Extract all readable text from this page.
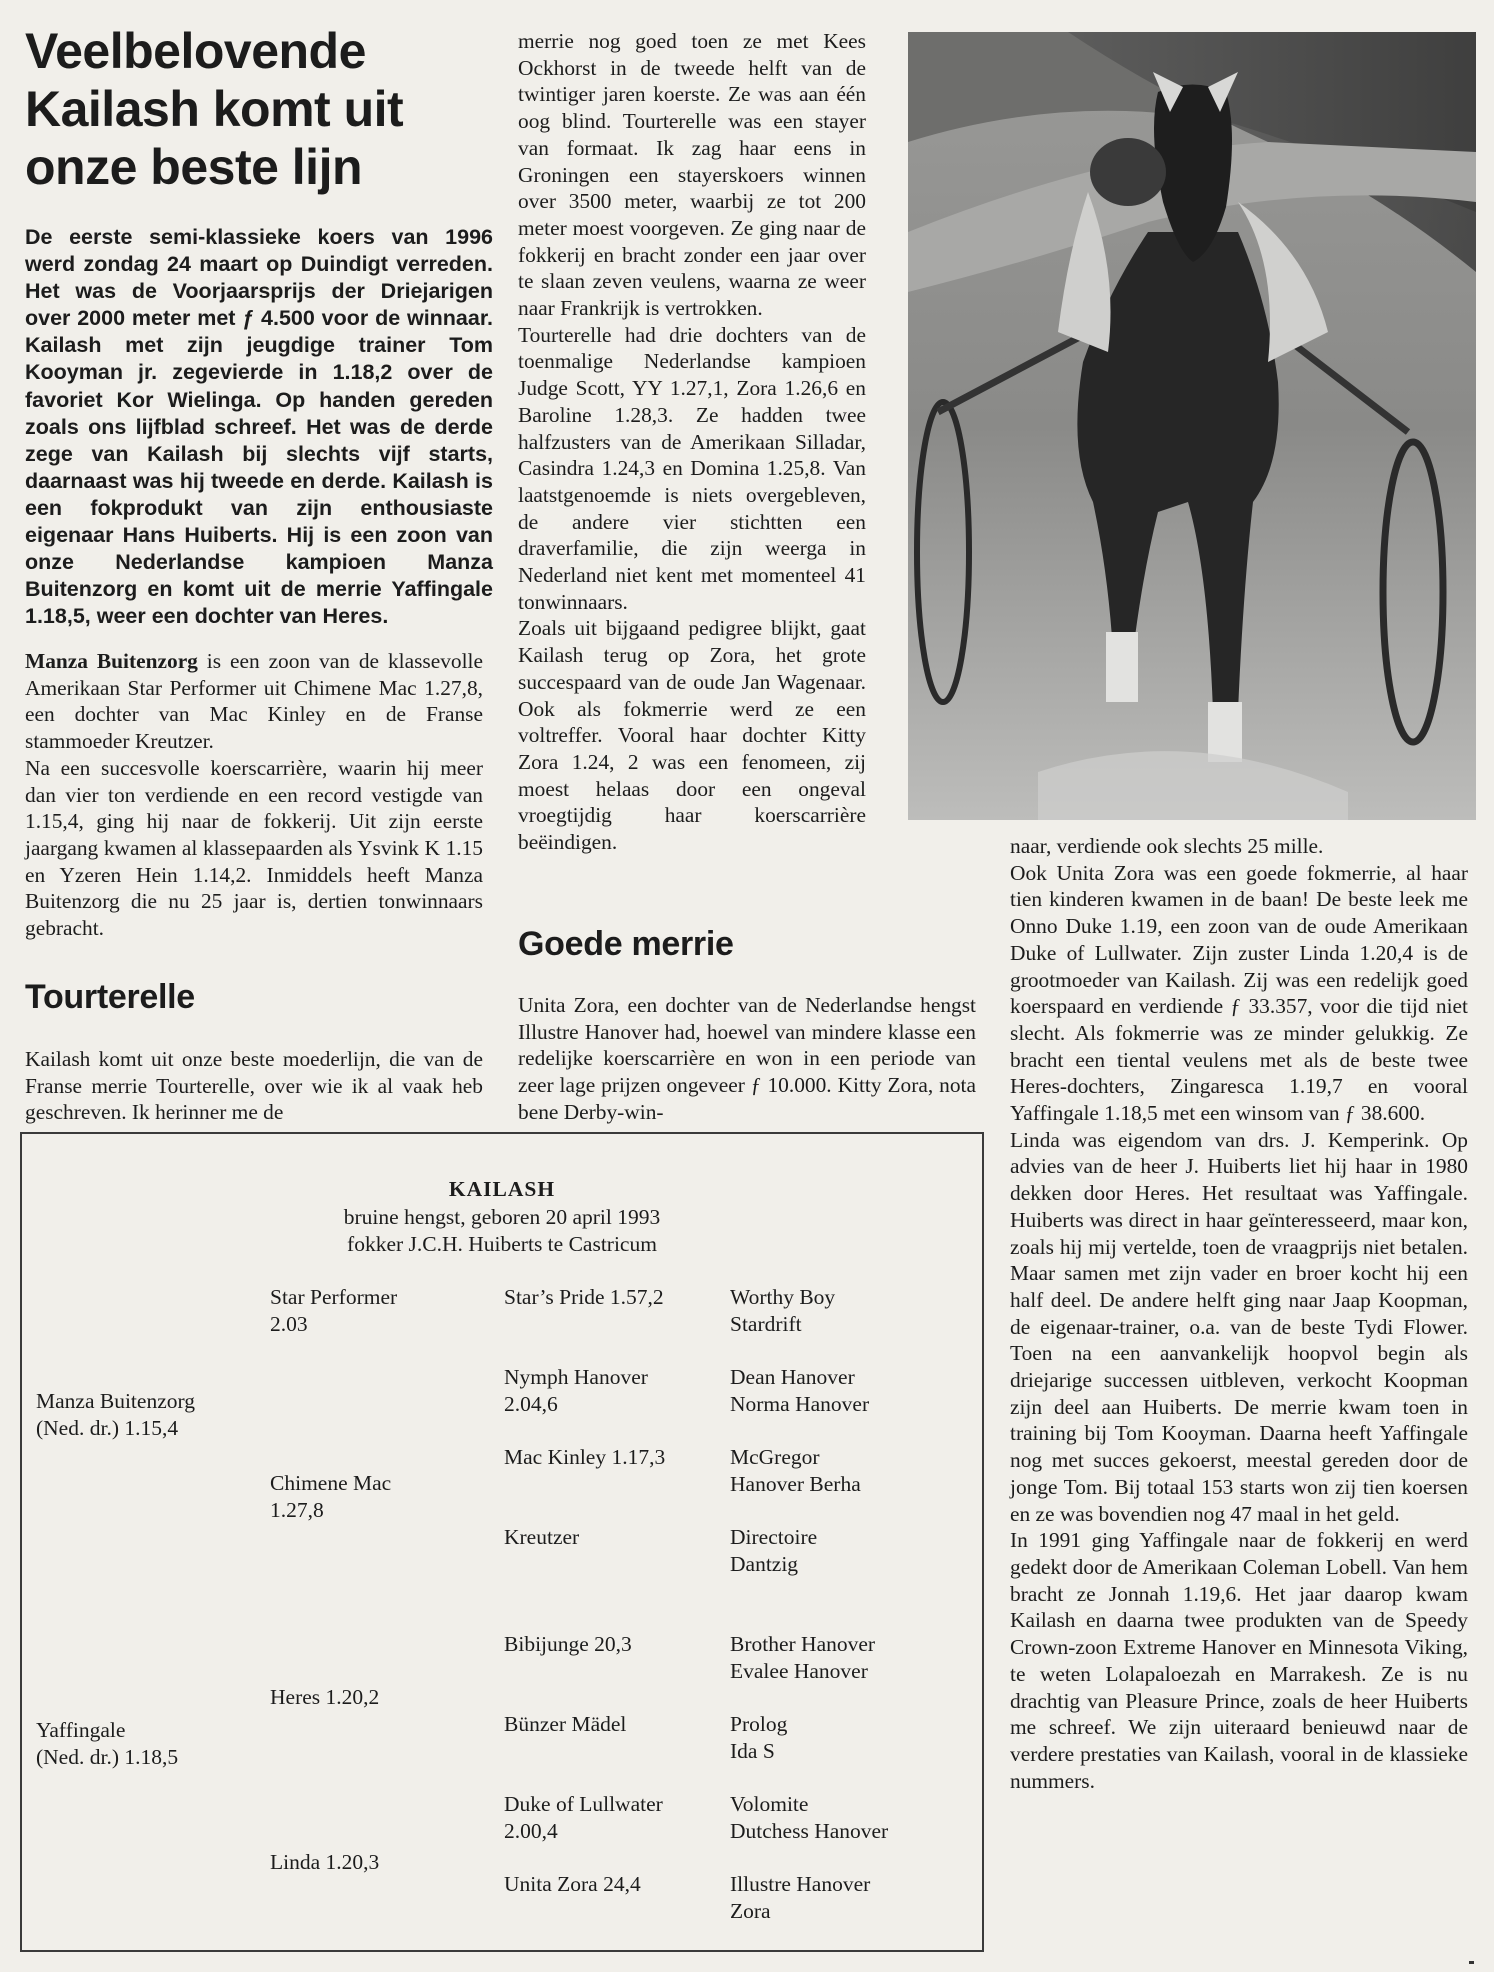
Veelbelovende
Kailash komt uit
onze beste lijn

De eerste semi-klassieke koers van 1996 werd zondag 24 maart op Duindigt verreden. Het was de Voorjaarsprijs der Driejarigen over 2000 meter met ƒ 4.500 voor de winnaar. Kailash met zijn jeugdige trainer Tom Kooyman jr. zegevierde in 1.18,2 over de favoriet Kor Wielinga. Op handen gereden zoals ons lijfblad schreef. Het was de derde zege van Kailash bij slechts vijf starts, daarnaast was hij tweede en derde. Kailash is een fokprodukt van zijn enthousiaste eigenaar Hans Huiberts. Hij is een zoon van onze Nederlandse kampioen Manza Buitenzorg en komt uit de merrie Yaffingale 1.18,5, weer een dochter van Heres.

Manza Buitenzorg is een zoon van de klassevolle Amerikaan Star Performer uit Chimene Mac 1.27,8, een dochter van Mac Kinley en de Franse stammoeder Kreutzer.

Na een succesvolle koerscarrière, waarin hij meer dan vier ton verdiende en een record vestigde van 1.15,4, ging hij naar de fokkerij. Uit zijn eerste jaargang kwamen al klassepaarden als Ysvink K 1.15 en Yzeren Hein 1.14,2. Inmiddels heeft Manza Buitenzorg die nu 25 jaar is, dertien tonwinnaars gebracht.

Tourterelle

Kailash komt uit onze beste moederlijn, die van de Franse merrie Tourterelle, over wie ik al vaak heb geschreven. Ik herinner me de

merrie nog goed toen ze met Kees Ockhorst in de tweede helft van de twintiger jaren koerste. Ze was aan één oog blind. Tourterelle was een stayer van formaat. Ik zag haar eens in Groningen een stayerskoers winnen over 3500 meter, waarbij ze tot 200 meter moest voorgeven. Ze ging naar de fokkerij en bracht zonder een jaar over te slaan zeven veulens, waarna ze weer naar Frankrijk is vertrokken.

Tourterelle had drie dochters van de toenmalige Nederlandse kampioen Judge Scott, YY 1.27,1, Zora 1.26,6 en Baroline 1.28,3. Ze hadden twee halfzusters van de Amerikaan Silladar, Casindra 1.24,3 en Domina 1.25,8. Van laatstgenoemde is niets overgebleven, de andere vier stichtten een draverfamilie, die zijn weerga in Nederland niet kent met momenteel 41 tonwinnaars.

Zoals uit bijgaand pedigree blijkt, gaat Kailash terug op Zora, het grote succespaard van de oude Jan Wagenaar. Ook als fokmerrie werd ze een voltreffer. Vooral haar dochter Kitty Zora 1.24, 2 was een fenomeen, zij moest helaas door een ongeval vroegtijdig haar koerscarrière beëindigen.

Goede merrie

Unita Zora, een dochter van de Nederlandse hengst Illustre Hanover had, hoewel van mindere klasse een redelijke koerscarrière en won in een periode van zeer lage prijzen ongeveer ƒ 10.000. Kitty Zora, nota bene Derby-win-

naar, verdiende ook slechts 25 mille.

Ook Unita Zora was een goede fokmerrie, al haar tien kinderen kwamen in de baan! De beste leek me Onno Duke 1.19, een zoon van de oude Amerikaan Duke of Lullwater. Zijn zuster Linda 1.20,4 is de grootmoeder van Kailash. Zij was een redelijk goed koerspaard en verdiende ƒ 33.357, voor die tijd niet slecht. Als fokmerrie was ze minder gelukkig. Ze bracht een tiental veulens met als de beste twee Heres-dochters, Zingaresca 1.19,7 en vooral Yaffingale 1.18,5 met een winsom van ƒ 38.600.

Linda was eigendom van drs. J. Kemperink. Op advies van de heer J. Huiberts liet hij haar in 1980 dekken door Heres. Het resultaat was Yaffingale. Huiberts was direct in haar geïnteresseerd, maar kon, zoals hij mij vertelde, toen de vraagprijs niet betalen. Maar samen met zijn vader en broer kocht hij een half deel. De andere helft ging naar Jaap Koopman, de eigenaar-trainer, o.a. van de beste Tydi Flower. Toen na een aanvankelijk hoopvol begin als driejarige successen uitbleven, verkocht Koopman zijn deel aan Huiberts. De merrie kwam toen in training bij Tom Kooyman. Daarna heeft Yaffingale nog met succes gekoerst, meestal gereden door de jonge Tom. Bij totaal 153 starts won zij tien koersen en ze was bovendien nog 47 maal in het geld.

In 1991 ging Yaffingale naar de fokkerij en werd gedekt door de Amerikaan Coleman Lobell. Van hem bracht ze Jonnah 1.19,6. Het jaar daarop kwam Kailash en daarna twee produkten van de Speedy Crown-zoon Extreme Hanover en Minnesota Viking, te weten Lolapaloezah en Marrakesh. Ze is nu drachtig van Pleasure Prince, zoals de heer Huiberts me schreef. We zijn uiteraard benieuwd naar de verdere prestaties van Kailash, vooral in de klassieke nummers.

KAILASH
bruine hengst, geboren 20 april 1993
fokker J.C.H. Huiberts te Castricum
Manza Buitenzorg
(Ned. dr.) 1.15,4
Yaffingale
(Ned. dr.) 1.18,5
Star Performer
2.03
Chimene Mac
1.27,8
Heres 1.20,2
Linda 1.20,3
Star’s Pride 1.57,2
Nymph Hanover
2.04,6
Mac Kinley 1.17,3
Kreutzer
Bibijunge 20,3
Bünzer Mädel
Duke of Lullwater
2.00,4
Unita Zora 24,4
Worthy Boy
Stardrift
Dean Hanover
Norma Hanover
McGregor
Hanover Berha
Directoire
Dantzig
Brother Hanover
Evalee Hanover
Prolog
Ida S
Volomite
Dutchess Hanover
Illustre Hanover
Zora
